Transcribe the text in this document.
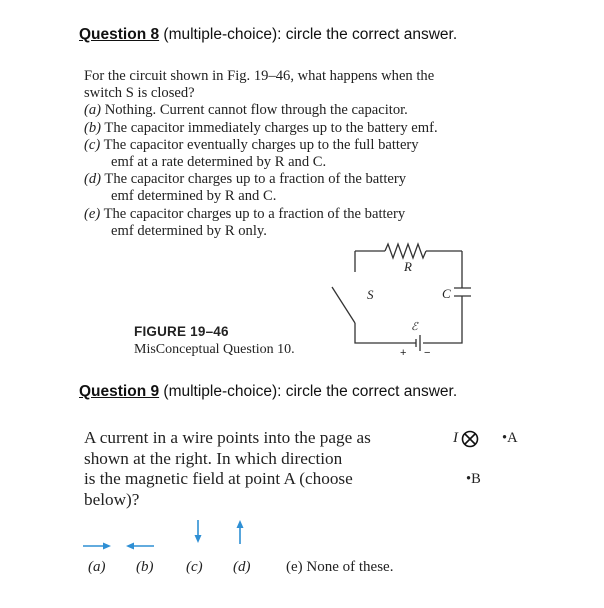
Question 8 (multiple-choice): circle the correct answer.
For the circuit shown in Fig. 19–46, what happens when the
switch S is closed?
(a) Nothing. Current cannot flow through the capacitor.
(b) The capacitor immediately charges up to the battery emf.
(c) The capacitor eventually charges up to the full battery
emf at a rate determined by R and C.
(d) The capacitor charges up to a fraction of the battery
emf determined by R and C.
(e) The capacitor charges up to a fraction of the battery
emf determined by R only.
R
S	C
ℰ
+ −
FIGURE 19–46
MisConceptual Question 10.
Question 9 (multiple-choice): circle the correct answer.
A current in a wire points into the page as
shown at the right. In which direction
is the magnetic field at point A (choose
below)?
I	•A
•B
(a) (b) (c) (d) (e) None of these.
